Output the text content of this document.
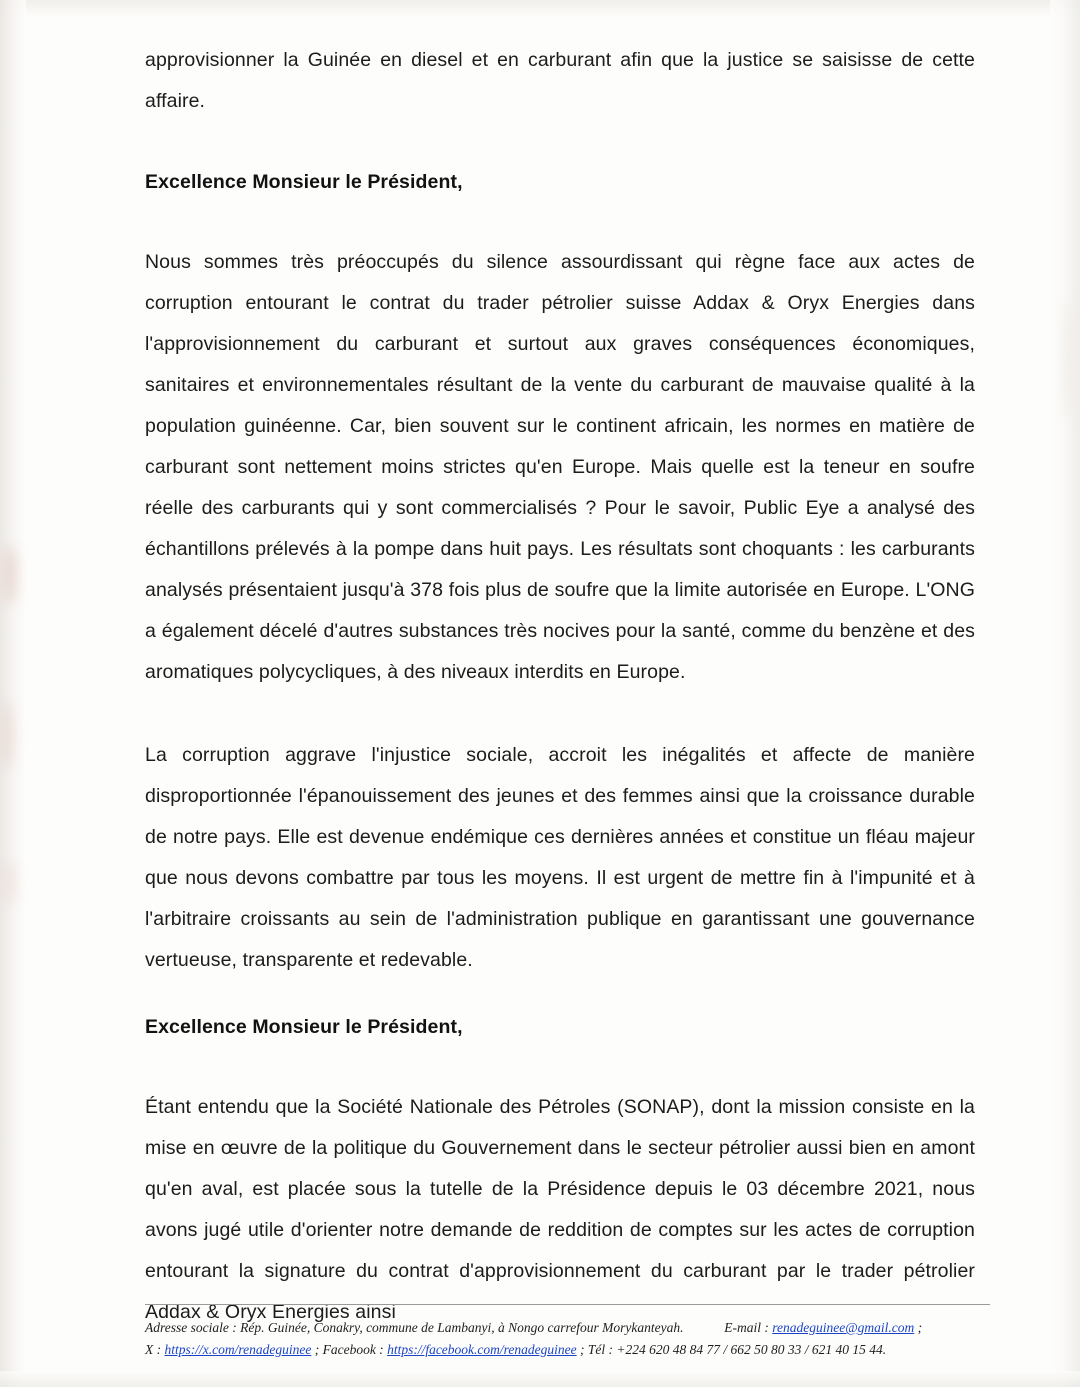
approvisionner la Guinée en diesel et en carburant afin que la justice se saisisse de cette affaire.

Excellence Monsieur le Président,

Nous sommes très préoccupés du silence assourdissant qui règne face aux actes de corruption entourant le contrat du trader pétrolier suisse Addax & Oryx Energies dans l'approvisionnement du carburant et surtout aux graves conséquences économiques, sanitaires et environnementales résultant de la vente du carburant de mauvaise qualité à la population guinéenne. Car, bien souvent sur le continent africain, les normes en matière de carburant sont nettement moins strictes qu'en Europe. Mais quelle est la teneur en soufre réelle des carburants qui y sont commercialisés ? Pour le savoir, Public Eye a analysé des échantillons prélevés à la pompe dans huit pays. Les résultats sont choquants : les carburants analysés présentaient jusqu'à 378 fois plus de soufre que la limite autorisée en Europe. L'ONG a également décelé d'autres substances très nocives pour la santé, comme du benzène et des aromatiques polycycliques, à des niveaux interdits en Europe.

La corruption aggrave l'injustice sociale, accroit les inégalités et affecte de manière disproportionnée l'épanouissement des jeunes et des femmes ainsi que la croissance durable de notre pays. Elle est devenue endémique ces dernières années et constitue un fléau majeur que nous devons combattre par tous les moyens. Il est urgent de mettre fin à l'impunité et à l'arbitraire croissants au sein de l'administration publique en garantissant une gouvernance vertueuse, transparente et redevable.

Excellence Monsieur le Président,

Étant entendu que la Société Nationale des Pétroles (SONAP), dont la mission consiste en la mise en œuvre de la politique du Gouvernement dans le secteur pétrolier aussi bien en amont qu'en aval, est placée sous la tutelle de la Présidence depuis le 03 décembre 2021, nous avons jugé utile d'orienter notre demande de reddition de comptes sur les actes de corruption entourant la signature du contrat d'approvisionnement du carburant par le trader pétrolier Addax & Oryx Energies ainsi

Adresse sociale : Rép. Guinée, Conakry, commune de Lambanyi, à Nongo carrefour Morykanteyah.	E-mail : renadeguinee@gmail.com ;
X : https://x.com/renadeguinee ; Facebook : https://facebook.com/renadeguinee ; Tél : +224 620 48 84 77 / 662 50 80 33 / 621 40 15 44.
